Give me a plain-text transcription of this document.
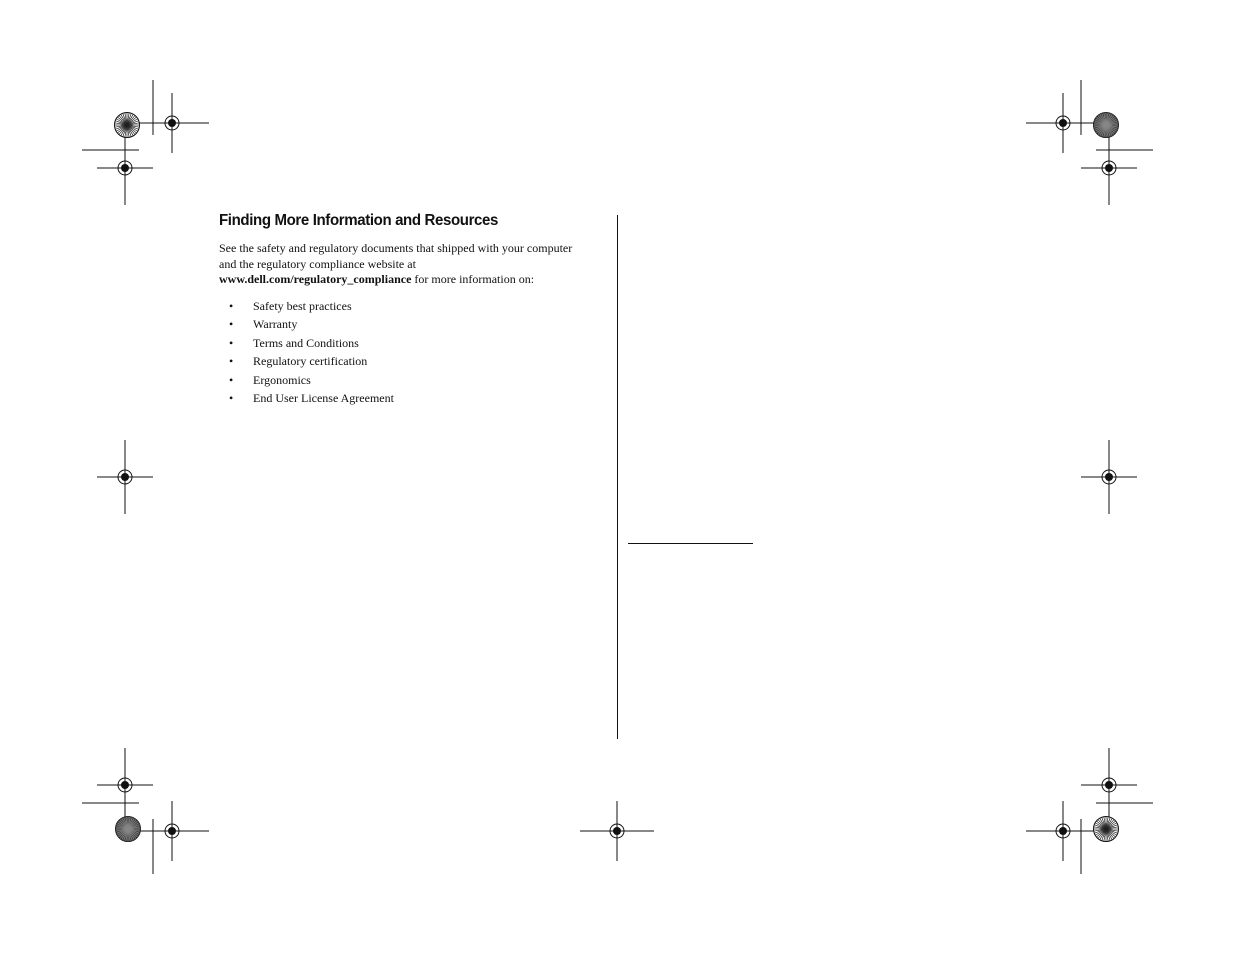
Finding More Information and Resources

See the safety and regulatory documents that shipped with your computer
and the regulatory compliance website at
www.dell.com/regulatory_compliance for more information on:

• Safety best practices
• Warranty
• Terms and Conditions
• Regulatory certification
• Ergonomics
• End User License Agreement
